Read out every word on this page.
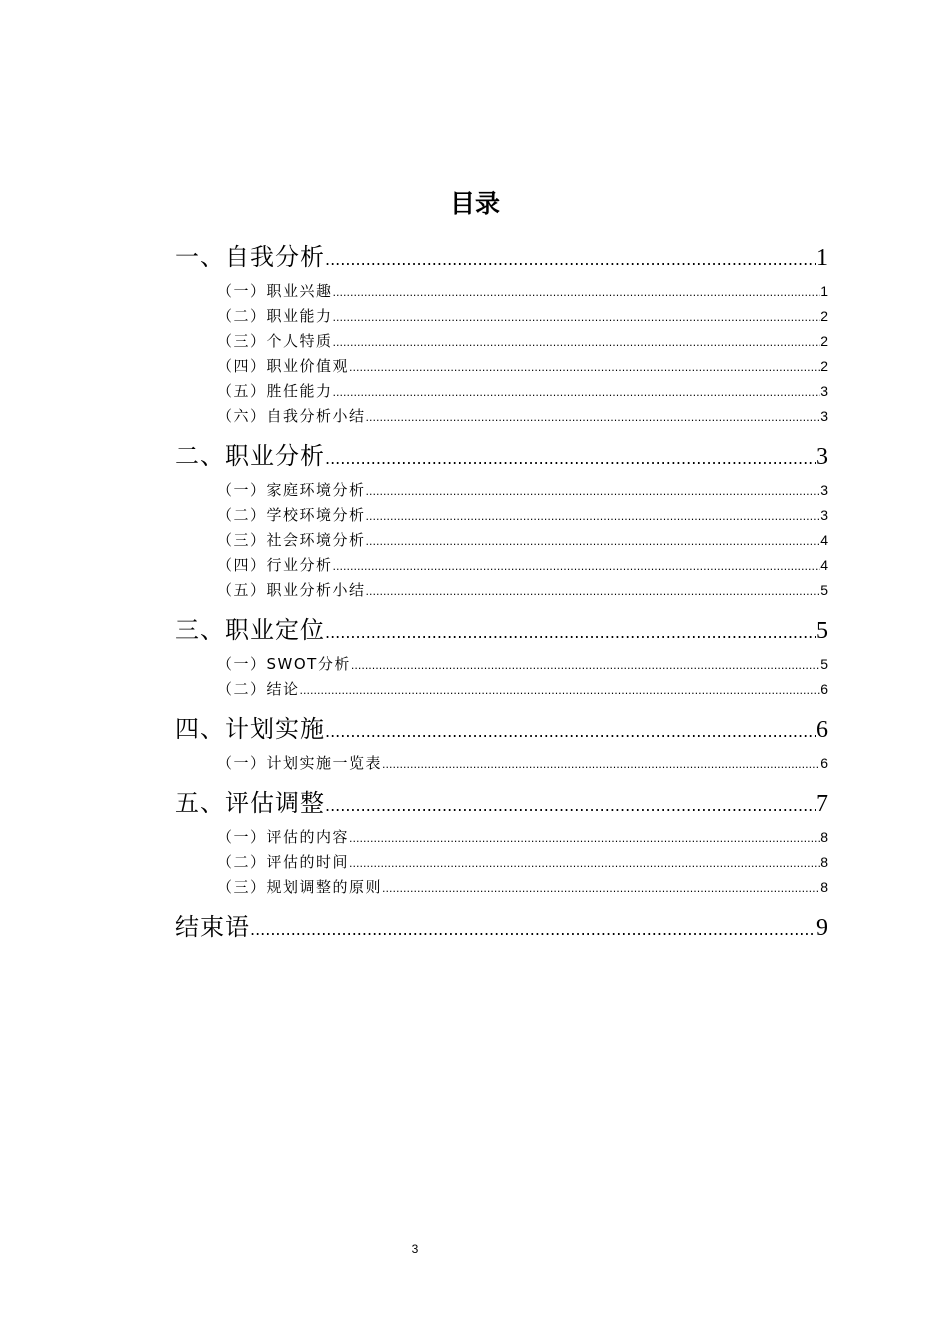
目录
一、自我分析 .....	1
（一）职业兴趣 .....	1
（二）职业能力 .....	2
（三）个人特质 .....	2
（四）职业价值观 .....	2
（五）胜任能力 .....	3
（六）自我分析小结 .....	3
二、职业分析 .....	3
（一）家庭环境分析 .....	3
（二）学校环境分析 .....	3
（三）社会环境分析 .....	4
（四）行业分析 .....	4
（五）职业分析小结 .....	5
三、职业定位 .....	5
（一）SWOT分析 .....	5
（二）结论 .....	6
四、计划实施 .....	6
（一）计划实施一览表 .....	6
五、评估调整 .....	7
（一）评估的内容 .....	8
（二）评估的时间 .....	8
（三）规划调整的原则 .....	8
结束语 .....	9
3
